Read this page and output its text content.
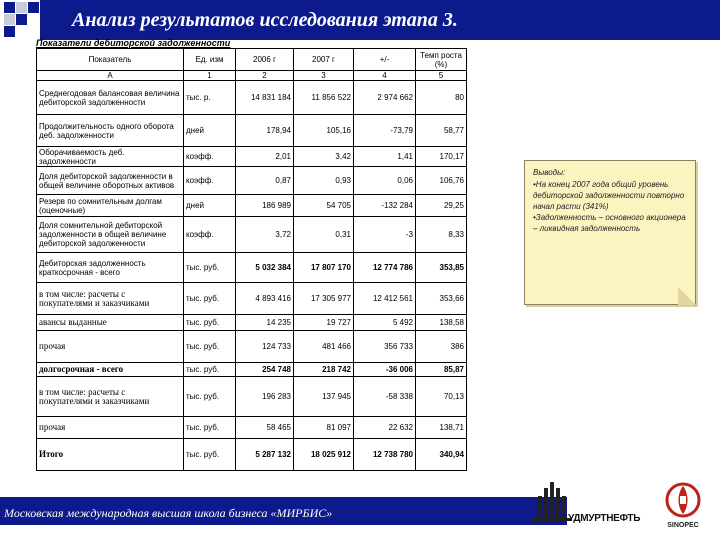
Анализ результатов исследования этапа 3.
Показатели дебиторской задолженности
Показатель	Ед. изм	2006 г	2007 г	+/-	Темп роста (%)
А	1	2	3	4	5
Среднегодовая балансовая величина дебиторской задолженности	тыс. р.	14 831 184	11 856 522	2 974 662	80
Продолжительность одного оборота деб. задолженности	дней	178,94	105,16	-73,79	58,77
Оборачиваемость деб. задолженности	коэфф.	2,01	3,42	1,41	170,17
Доля дебиторской задолженности в общей величине оборотных активов	коэфф.	0,87	0,93	0,06	106,76
Резерв по сомнительным долгам (оценочные)	дней	186 989	54 705	-132 284	29,25
Доля сомнительной дебиторской задолженности в общей величине дебиторской задолженности	коэфф.	3,72	0,31	-3	8,33
Дебиторская задолженность краткосрочная - всего	тыс. руб.	5 032 384	17 807 170	12 774 786	353,85
в том числе: расчеты с покупателями и заказчиками	тыс. руб.	4 893 416	17 305 977	12 412 561	353,66
авансы выданные	тыс. руб.	14 235	19 727	5 492	138,58
прочая	тыс. руб.	124 733	481 466	356 733	386
долгосрочная - всего	тыс. руб.	254 748	218 742	-36 006	85,87
в том числе: расчеты с покупателями и заказчиками	тыс. руб.	196 283	137 945	-58 338	70,13
прочая	тыс. руб.	58 465	81 097	22 632	138,71
Итого	тыс. руб.	5 287 132	18 025 912	12 738 780	340,94
Выводы:
•На конец 2007 года общий уровень дебиторской задолженности повторно начал расти (341%)
•Задолженность – основного акционера – ликвидная задолженность
Московская международная высшая школа бизнеса «МИРБИС»	УДМУРТНЕФТЬ
SINOPEC
